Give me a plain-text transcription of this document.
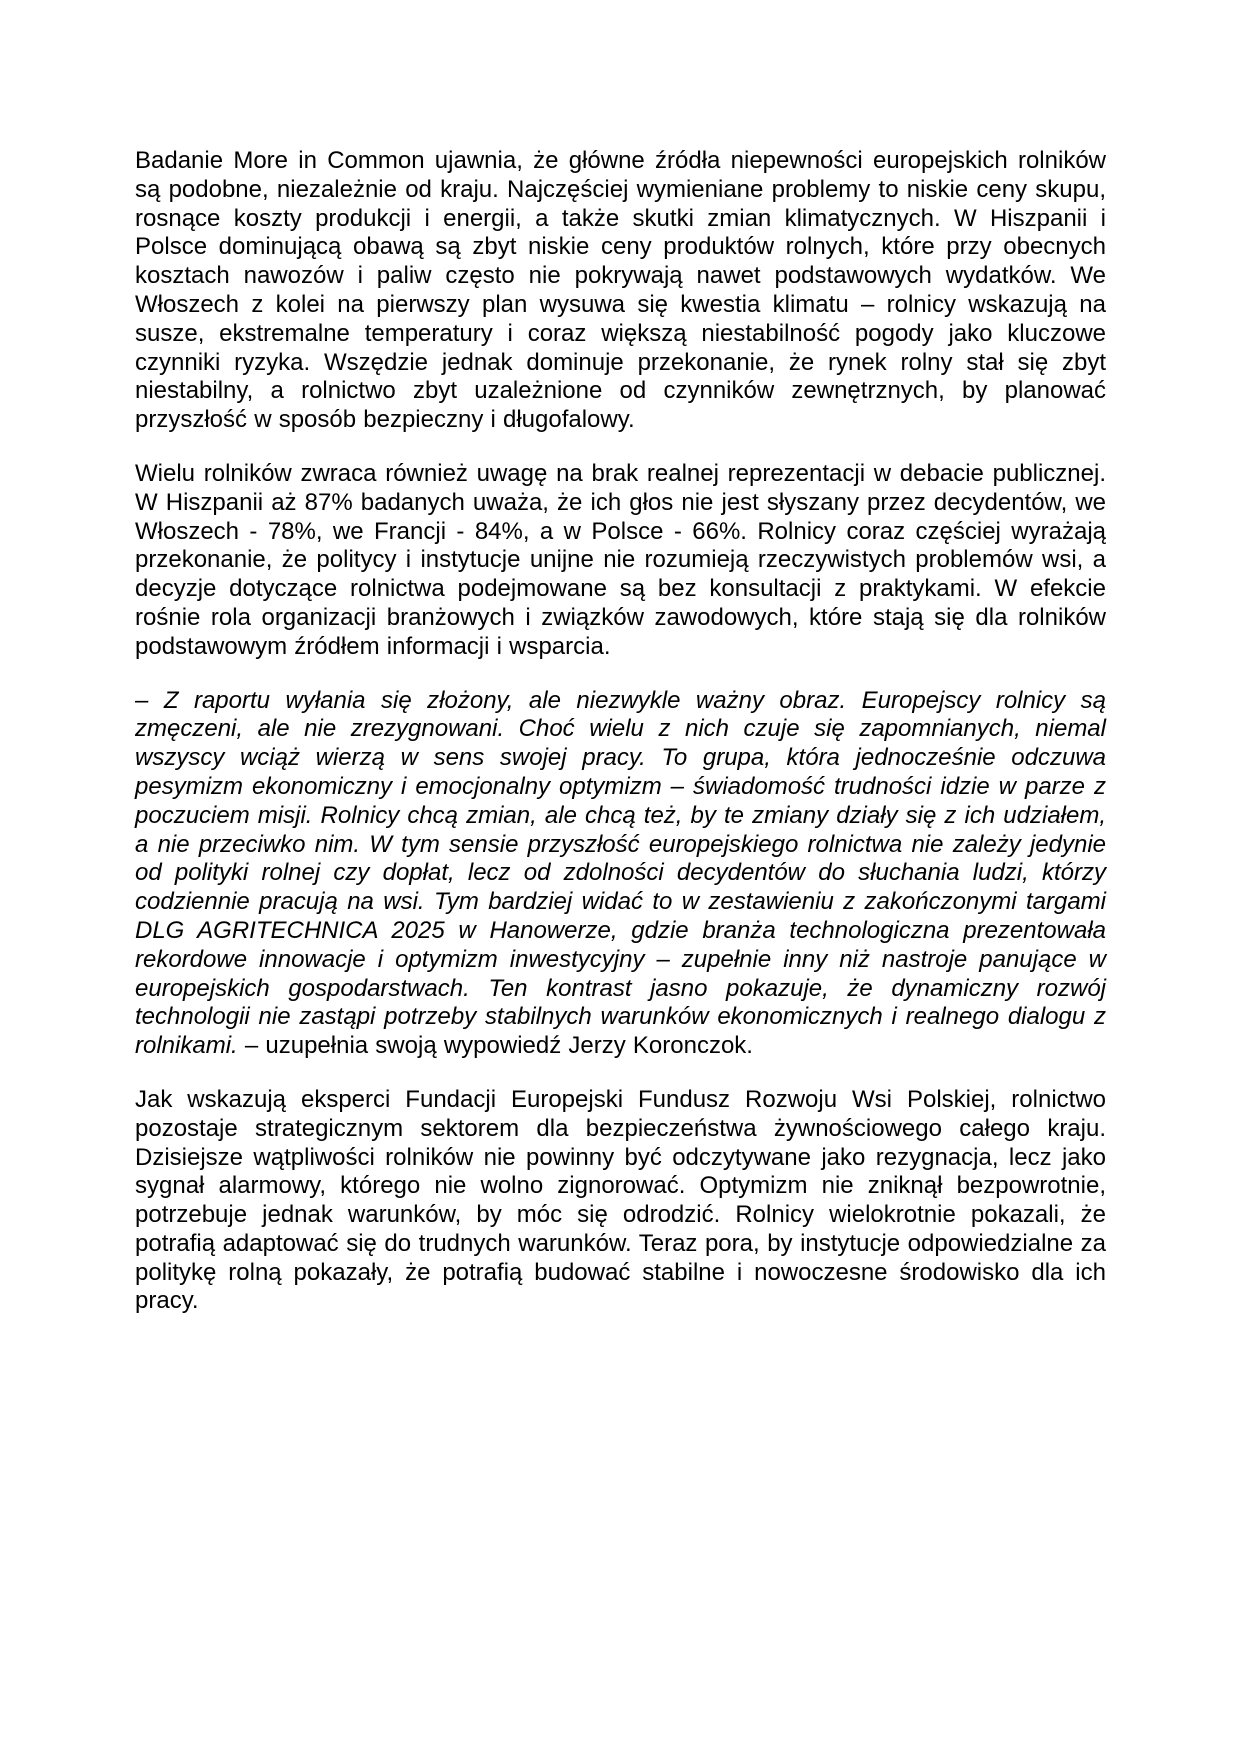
Badanie More in Common ujawnia, że główne źródła niepewności europejskich rolników są podobne, niezależnie od kraju. Najczęściej wymieniane problemy to niskie ceny skupu, rosnące koszty produkcji i energii, a także skutki zmian klimatycznych. W Hiszpanii i Polsce dominującą obawą są zbyt niskie ceny produktów rolnych, które przy obecnych kosztach nawozów i paliw często nie pokrywają nawet podstawowych wydatków. We Włoszech z kolei na pierwszy plan wysuwa się kwestia klimatu – rolnicy wskazują na susze, ekstremalne temperatury i coraz większą niestabilność pogody jako kluczowe czynniki ryzyka. Wszędzie jednak dominuje przekonanie, że rynek rolny stał się zbyt niestabilny, a rolnictwo zbyt uzależnione od czynników zewnętrznych, by planować przyszłość w sposób bezpieczny i długofalowy.

Wielu rolników zwraca również uwagę na brak realnej reprezentacji w debacie publicznej. W Hiszpanii aż 87% badanych uważa, że ich głos nie jest słyszany przez decydentów, we Włoszech - 78%, we Francji - 84%, a w Polsce - 66%. Rolnicy coraz częściej wyrażają przekonanie, że politycy i instytucje unijne nie rozumieją rzeczywistych problemów wsi, a decyzje dotyczące rolnictwa podejmowane są bez konsultacji z praktykami. W efekcie rośnie rola organizacji branżowych i związków zawodowych, które stają się dla rolników podstawowym źródłem informacji i wsparcia.

– Z raportu wyłania się złożony, ale niezwykle ważny obraz. Europejscy rolnicy są zmęczeni, ale nie zrezygnowani. Choć wielu z nich czuje się zapomnianych, niemal wszyscy wciąż wierzą w sens swojej pracy. To grupa, która jednocześnie odczuwa pesymizm ekonomiczny i emocjonalny optymizm – świadomość trudności idzie w parze z poczuciem misji. Rolnicy chcą zmian, ale chcą też, by te zmiany działy się z ich udziałem, a nie przeciwko nim. W tym sensie przyszłość europejskiego rolnictwa nie zależy jedynie od polityki rolnej czy dopłat, lecz od zdolności decydentów do słuchania ludzi, którzy codziennie pracują na wsi. Tym bardziej widać to w zestawieniu z zakończonymi targami DLG AGRITECHNICA 2025 w Hanowerze, gdzie branża technologiczna prezentowała rekordowe innowacje i optymizm inwestycyjny – zupełnie inny niż nastroje panujące w europejskich gospodarstwach. Ten kontrast jasno pokazuje, że dynamiczny rozwój technologii nie zastąpi potrzeby stabilnych warunków ekonomicznych i realnego dialogu z rolnikami. – uzupełnia swoją wypowiedź Jerzy Koronczok.

Jak wskazują eksperci Fundacji Europejski Fundusz Rozwoju Wsi Polskiej, rolnictwo pozostaje strategicznym sektorem dla bezpieczeństwa żywnościowego całego kraju. Dzisiejsze wątpliwości rolników nie powinny być odczytywane jako rezygnacja, lecz jako sygnał alarmowy, którego nie wolno zignorować. Optymizm nie zniknął bezpowrotnie, potrzebuje jednak warunków, by móc się odrodzić. Rolnicy wielokrotnie pokazali, że potrafią adaptować się do trudnych warunków. Teraz pora, by instytucje odpowiedzialne za politykę rolną pokazały, że potrafią budować stabilne i nowoczesne środowisko dla ich pracy.
